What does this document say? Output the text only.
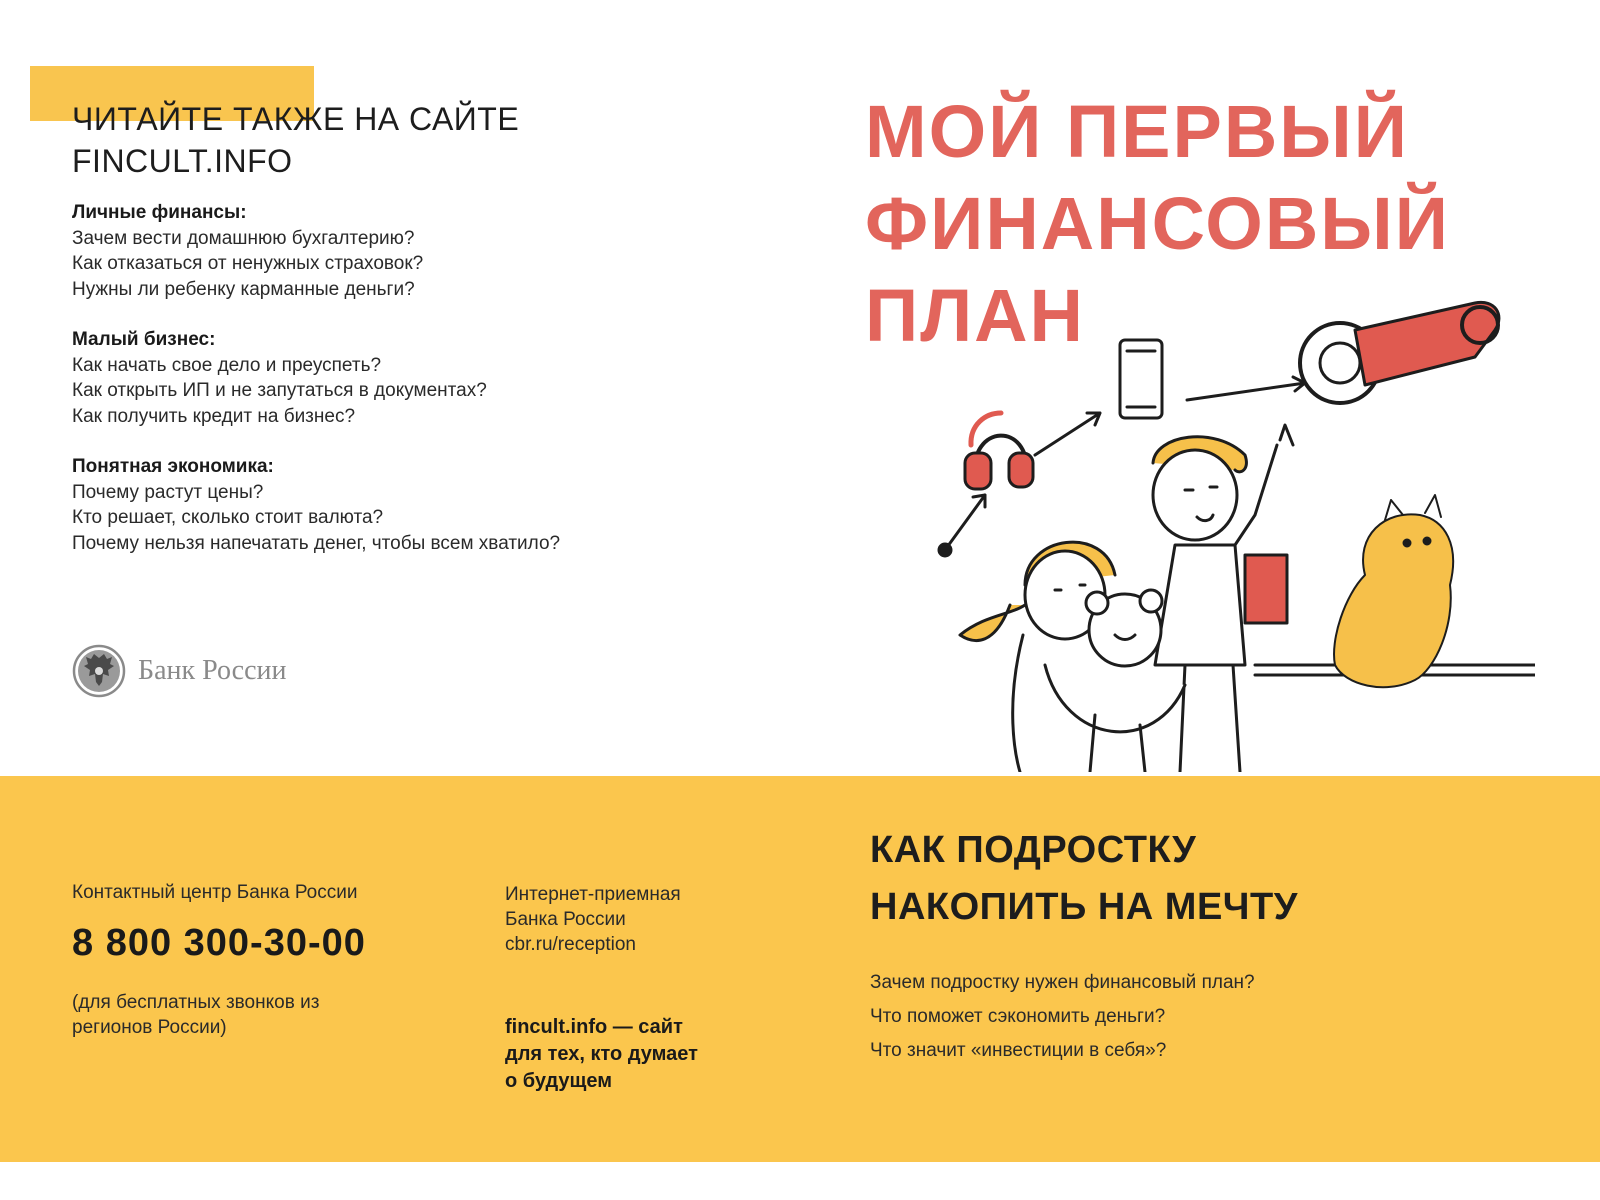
ЧИТАЙТЕ ТАКЖЕ НА САЙТЕ
FINCULT.INFO
Личные финансы:
Зачем вести домашнюю бухгалтерию?
Как отказаться от ненужных страховок?
Нужны ли ребенку карманные деньги?
Малый бизнес:
Как начать свое дело и преуспеть?
Как открыть ИП и не запутаться в документах?
Как получить кредит на бизнес?
Понятная экономика:
Почему растут цены?
Кто решает, сколько стоит валюта?
Почему нельзя напечатать денег, чтобы всем хватило?
Банк России
МОЙ ПЕРВЫЙ
ФИНАНСОВЫЙ
ПЛАН
Контактный центр Банка России
8 800 300-30-00
(для бесплатных звонков из регионов России)
Интернет-приемная
Банка России
cbr.ru/reception
fincult.info — сайт
для тех, кто думает
о будущем
КАК ПОДРОСТКУ
НАКОПИТЬ НА МЕЧТУ
Зачем подростку нужен финансовый план?
Что поможет сэкономить деньги?
Что значит «инвестиции в себя»?
